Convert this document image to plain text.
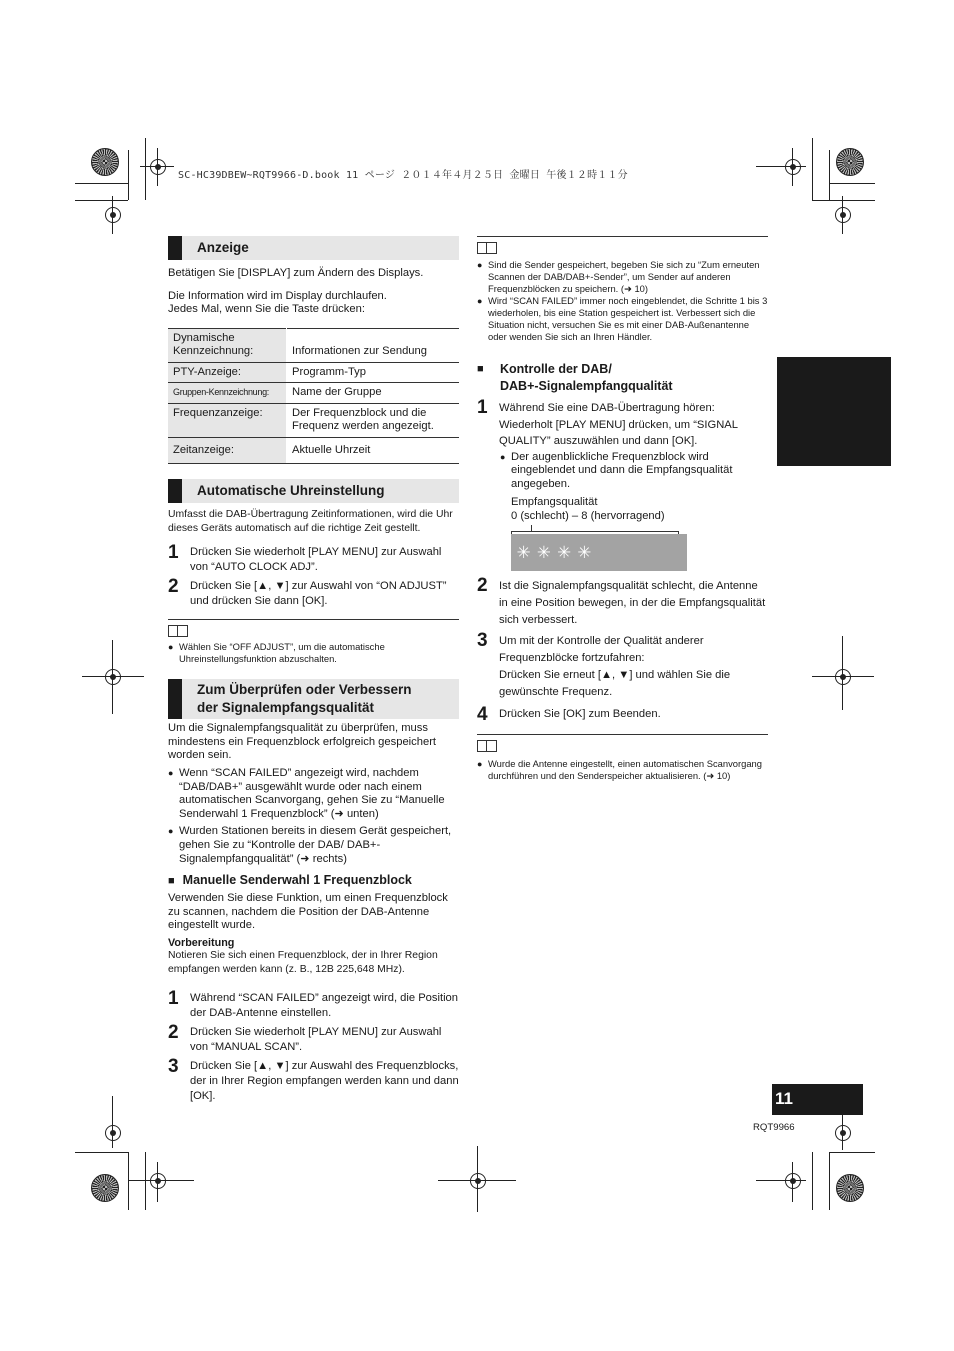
SC-HC39DBEW~RQT9966-D.book 11 ページ ２０１４年４月２５日 金曜日 午後１２時１１分
DEUTSCH
11
RQT9966
Anzeige
Betätigen Sie [DISPLAY] zum Ändern des Displays.
Die Information wird im Display durchlaufen.
Jedes Mal, wenn Sie die Taste drücken:
Dynamische Kennzeichnung:	Informationen zur Sendung
PTY-Anzeige:	Programm-Typ
Gruppen-Kennzeichnung:	Name der Gruppe
Frequenzanzeige:	Der Frequenzblock und die Frequenz werden angezeigt.
Zeitanzeige:	Aktuelle Uhrzeit
Automatische Uhreinstellung
Umfasst die DAB-Übertragung Zeitinformationen, wird die Uhr dieses Geräts automatisch auf die richtige Zeit gestellt.
1	Drücken Sie wiederholt [PLAY MENU] zur Auswahl von “AUTO CLOCK ADJ”.
2	Drücken Sie [▲, ▼] zur Auswahl von “ON ADJUST” und drücken Sie dann [OK].
● Wählen Sie “OFF ADJUST”, um die automatische Uhreinstellungsfunktion abzuschalten.
Zum Überprüfen oder Verbessern
der Signalempfangsqualität
Um die Signalempfangsqualität zu überprüfen, muss mindestens ein Frequenzblock erfolgreich gespeichert worden sein.
● Wenn “SCAN FAILED” angezeigt wird, nachdem “DAB/DAB+” ausgewählt wurde oder nach einem automatischen Scanvorgang, gehen Sie zu “Manuelle Senderwahl 1 Frequenzblock” (➜ unten)
● Wurden Stationen bereits in diesem Gerät gespeichert, gehen Sie zu “Kontrolle der DAB/ DAB+-Signalempfangqualität” (➜ rechts)
■ Manuelle Senderwahl 1 Frequenzblock
Verwenden Sie diese Funktion, um einen Frequenzblock zu scannen, nachdem die Position der DAB-Antenne eingestellt wurde.
Vorbereitung
Notieren Sie sich einen Frequenzblock, der in Ihrer Region empfangen werden kann (z. B., 12B 225,648 MHz).
1	Während “SCAN FAILED” angezeigt wird, die Position der DAB-Antenne einstellen.
2	Drücken Sie wiederholt [PLAY MENU] zur Auswahl von “MANUAL SCAN”.
3	Drücken Sie [▲, ▼] zur Auswahl des Frequenzblocks, der in Ihrer Region empfangen werden kann und dann [OK].
● Sind die Sender gespeichert, begeben Sie sich zu “Zum erneuten Scannen der DAB/DAB+-Sender”, um Sender auf anderen Frequenzblöcken zu speichern. (➜ 10)
● Wird “SCAN FAILED” immer noch eingeblendet, die Schritte 1 bis 3 wiederholen, bis eine Station gespeichert ist. Verbessert sich die Situation nicht, versuchen Sie es mit einer DAB-Außenantenne oder wenden Sie sich an Ihren Händler.
■	Kontrolle der DAB/
DAB+-Signalempfangqualität
1	Während Sie eine DAB-Übertragung hören: Wiederholt [PLAY MENU] drücken, um “SIGNAL QUALITY” auszuwählen und dann [OK].
● Der augenblickliche Frequenzblock wird eingeblendet und dann die Empfangsqualität angegeben.
Empfangsqualität
0 (schlecht) – 8 (hervorragend)
✳✳✳✳
2	Ist die Signalempfangsqualität schlecht, die Antenne in eine Position bewegen, in der die Empfangsqualität sich verbessert.
3	Um mit der Kontrolle der Qualität anderer Frequenzblöcke fortzufahren:
Drücken Sie erneut [▲, ▼] und wählen Sie die gewünschte Frequenz.
4	Drücken Sie [OK] zum Beenden.
● Wurde die Antenne eingestellt, einen automatischen Scanvorgang durchführen und den Senderspeicher aktualisieren. (➜ 10)
